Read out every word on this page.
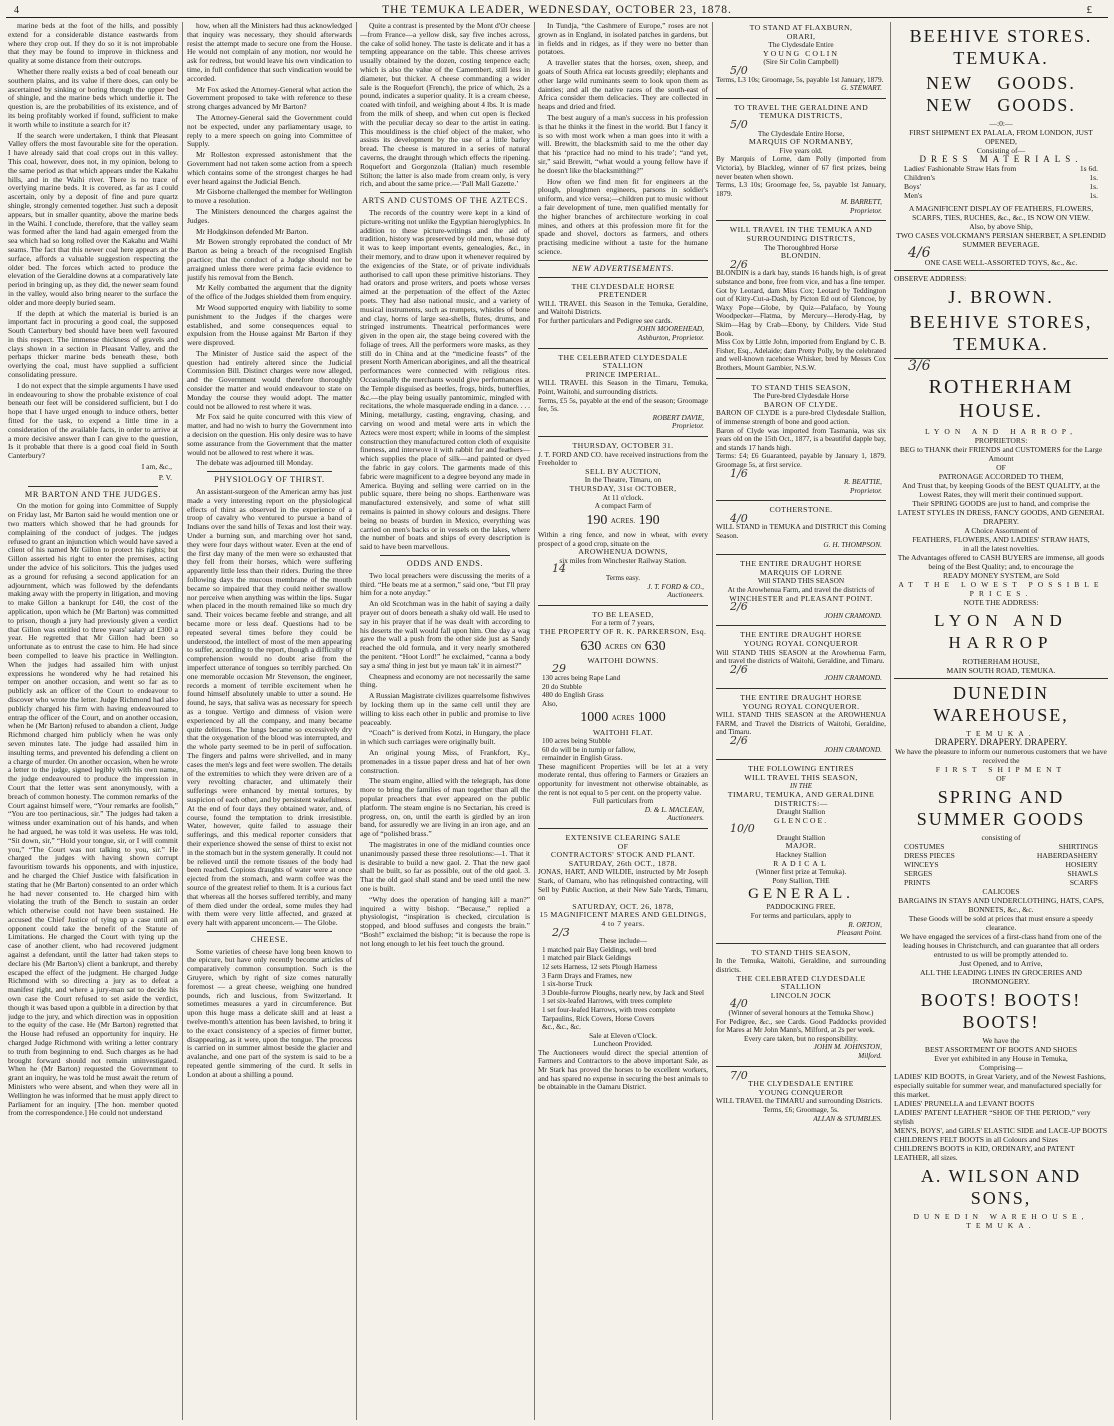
4	THE TEMUKA LEADER, WEDNESDAY, OCTOBER 23, 1878.	£

marine beds at the foot of the hills, and possibly extend for a considerable distance eastwards from where they crop out. If they do so it is not improbable that they may be found to improve in thickness and quality at some distance from their outcrops.

Whether there really exists a bed of coal beneath our southern plains, and its value if there does, can only be ascertained by sinking or boring through the upper bed of shingle, and the marine beds which underlie it. The question is, are the probabilities of its existence, and of its being profitably worked if found, sufficient to make it worth while to institute a search for it?

If the search were undertaken, I think that Pleasant Valley offers the most favourable site for the operation. I have already said that coal crops out in this valley. This coal, however, does not, in my opinion, belong to the same period as that which appears under the Kakahu hills, and in the Waihi river. There is no trace of overlying marine beds. It is covered, as far as I could ascertain, only by a deposit of fine and pure quartz shingle, strongly cemented together. Just such a deposit appears, but in smaller quantity, above the marine beds in the Waihi. I conclude, therefore, that the valley seam was formed after the land had again emerged from the sea which had so long rolled over the Kakahu and Waihi seams. The fact that this newer coal here appears at the surface, affords a valuable suggestion respecting the older bed. The forces which acted to produce the elevation of the Geraldine downs at a comparatively late period in bringing up, as they did, the newer seam found in the valley, would also bring nearer to the surface the older and more deeply buried seam.

If the depth at which the material is buried is an important fact in procuring a good coal, the supposed South Canterbury bed should have been well favoured in this respect. The immense thickness of gravels and clays shown in a section in Pleasant Valley, and the perhaps thicker marine beds beneath these, both overlying the coal, must have supplied a sufficient consolidating pressure.

I do not expect that the simple arguments I have used in endeavouring to show the probable existence of coal beneath our feet will be considered sufficient, but I do hope that I have urged enough to induce others, better fitted for the task, to expend a little time in a consideration of the available facts, in order to arrive at a more decisive answer than I can give to the question, Is it probable that there is a good coal field in South Canterbury?

I am, &c.,

P. V.

MR BARTON AND THE JUDGES.

On the motion for going into Committee of Supply on Friday last, Mr Barton said he would mention one or two matters which showed that he had grounds for complaining of the conduct of judges. The judges refused to grant an injunction which would have saved a client of his named Mr Gillon to protect his rights; but Gillon asserted his right to enter the premises, acting under the advice of his solicitors. This the judges used as a ground for refusing a second application for an adjournment, which was followed by the defendants making away with the property in litigation, and moving to make Gillon a bankrupt for £40, the cost of the application, upon which he (Mr Barton) was committed to prison, though a jury had previously given a verdict that Gillon was entitled to three years' salary at £300 a year. He regretted that Mr Gillon had been so unfortunate as to entrust the case to him. He had since been compelled to leave his practice in Wellington. When the judges had assailed him with unjust expressions he wondered why he had retained his temper on another occasion, and went so far as to publicly ask an officer of the Court to endeavour to discover who wrote the letter. Judge Richmond had also publicly charged his firm with having endeavoured to entrap the officer of the Court, and on another occasion, when he (Mr Barton) refused to abandon a client, Judge Richmond charged him publicly when he was only seven minutes late. The judge had assailed him in insulting terms, and prevented his defending a client on a charge of murder. On another occasion, when he wrote a letter to the judge, signed legibly with his own name, the judge endeavoured to produce the impression in Court that the letter was sent anonymously, with a breach of common honesty. The common remarks of the Court against himself were, “Your remarks are foolish,” “You are too pertinacious, sir.” The judges had taken a witness under examination out of his hands, and when he had argued, he was told it was useless. He was told, “Sit down, sir,” “Hold your tongue, sir, or I will commit you,” “The Court was not talking to you, sir.” He charged the judges with having shown corrupt favouritism towards his opponents, and with injustice, and he charged the Chief Justice with falsification in stating that he (Mr Barton) consented to an order which he had never consented to. He charged him with violating the truth of the Bench to sustain an order which otherwise could not have been sustained. He accused the Chief Justice of tying up a case until an opponent could take the benefit of the Statute of Limitations. He charged the Court with tying up the case of another client, who had recovered judgment against a defendant, until the latter had taken steps to declare his (Mr Barton's) client a bankrupt, and thereby escaped the effect of the judgment. He charged Judge Richmond with so directing a jury as to defeat a manifest right, and where a jury-man sat to decide his own case the Court refused to set aside the verdict, though it was based upon a quibble in a direction by that judge to the jury, and which direction was in opposition to the equity of the case. He (Mr Barton) regretted that the House had refused an opportunity for inquiry. He charged Judge Richmond with writing a letter contrary to truth from beginning to end. Such charges as he had brought forward should not remain uninvestigated. When he (Mr Barton) requested the Government to grant an inquiry, he was told he must await the return of Ministers who were absent, and when they were all in Wellington he was informed that he must apply direct to Parliament for an inquiry. [The hon. member quoted from the correspondence.] He could not understand

how, when all the Ministers had thus acknowledged that inquiry was necessary, they should afterwards resist the attempt made to secure one from the House. He would not complain of any motion, nor would he ask for redress, but would leave his own vindication to time, in full confidence that such vindication would be accorded.

Mr Fox asked the Attorney-General what action the Government proposed to take with reference to these strong charges advanced by Mr Barton?

The Attorney-General said the Government could not be expected, under any parliamentary usage, to reply to a mere speech on going into Committee of Supply.

Mr Rolleston expressed astonishment that the Government had not taken some action from a speech which contains some of the strongest charges he had ever heard against the Judicial Bench.

Mr Gisborne challenged the member for Wellington to move a resolution.

The Ministers denounced the charges against the Judges.

Mr Hodgkinson defended Mr Barton.

Mr Bowen strongly reprobated the conduct of Mr Barton as being a breach of the recognised English practice; that the conduct of a Judge should not be arraigned unless there were prima facie evidence to justify his removal from the Bench.

Mr Kelly combatted the argument that the dignity of the office of the Judges shielded them from enquiry.

Mr Wood supported enquiry with liability to some punishment to the Judges if the charges were established, and some consequences equal to expulsion from the House against Mr Barton if they were disproved.

The Minister of Justice said the aspect of the question had entirely altered since the Judicial Commission Bill. Distinct charges were now alleged, and the Government would therefore thoroughly consider the matter and would endeavour to state on Monday the course they would adopt. The matter could not be allowed to rest where it was.

Mr Fox said he quite concurred with this view of matter, and had no wish to hurry the Government into a decision on the question. His only desire was to have some assurance from the Government that the matter would not be allowed to rest where it was.

The debate was adjourned till Monday.

PHYSIOLOGY OF THIRST.

An assistant-surgeon of the American army has just made a very interesting report on the physiological effects of thirst as observed in the experience of a troop of cavalry who ventured to pursue a band of Indians over the sand hills of Texas and lost their way. Under a burning sun, and marching over hot sand, they were four days without water. Even at the end of the first day many of the men were so exhausted that they fell from their horses, which were suffering apparently little less than their riders. During the three following days the mucous membrane of the mouth became so impaired that they could neither swallow nor perceive when anything was within the lips. Sugar when placed in the mouth remained like so much dry sand. Their voices became feeble and strange, and all became more or less deaf. Questions had to be repeated several times before they could be understood, the intellect of most of the men appearing to suffer, according to the report, though a difficulty of comprehension would no doubt arise from the imperfect utterance of tongues so terribly parched. On one memorable occasion Mr Stevenson, the engineer, records a moment of terrible excitement when he found himself absolutely unable to utter a sound. He found, he says, that saliva was as necessary for speech as a tongue. Vertigo and dimness of vision were experienced by all the company, and many became quite delirious. The lungs became so excessively dry that the oxygenation of the blood was interrupted, and the whole party seemed to be in peril of suffocation. The fingers and palms were shrivelled, and in many cases the men's legs and feet were swollen. The details of the extremities to which they were driven are of a very revolting character, and ultimately their sufferings were enhanced by mental tortures, by suspicion of each other, and by persistent wakefulness. At the end of four days they obtained water, and, of course, found the temptation to drink irresistible. Water, however, quite failed to assuage their sufferings, and this medical reporter considers that their experience showed the sense of thirst to exist not in the stomach but in the system generally. It could not be relieved until the remote tissues of the body had been reached. Copious draughts of water were at once ejected from the stomach, and warm coffee was the source of the greatest relief to them. It is a curious fact that whereas all the horses suffered terribly, and many of them died under the ordeal, some mules they had with them were very little affected, and grazed at every halt with apparent unconcern.— The Globe.

CHEESE.

Some varieties of cheese have long been known to the epicure, but have only recently become articles of comparatively common consumption. Such is the Gruyere, which by right of size comes naturally foremost — a great cheese, weighing one hundred pounds, rich and luscious, from Switzerland. It sometimes measures a yard in circumference. But upon this huge mass a delicate skill and at least a twelve-month's attention has been lavished, to bring it to the exact consistency of a species of firmer butter, disappearing, as it were, upon the tongue. The process is carried on in summer almost beside the glacier and avalanche, and one part of the system is said to be a repeated gentle simmering of the curd. It sells in London at about a shilling a pound.

Quite a contrast is presented by the Mont d'Or cheese—from France—a yellow disk, say five inches across, the cake of solid honey. The taste is delicate and it has a tempting appearance on the table. This cheese arrives usually obtained by the dozen, costing tenpence each; which is also the value of the Camembert, still less in diameter, but thicker. A cheese commanding a wider sale is the Roquefort (French), the price of which, 2s a pound, indicates a superior quality. It is a cream cheese, coated with tinfoil, and weighing about 4 lbs. It is made from the milk of sheep, and when cut open is flecked with the peculiar decay so dear to the artist in eating. This mouldiness is the chief object of the maker, who assists its development by the use of a little barley bread. The cheese is matured in a series of natural caverns, the draught through which effects the ripening. Roquefort and Gorgonzola (Italian) much resemble Stilton; the latter is also made from cream only, is very rich, and about the same price.—‘Pall Mall Gazette.’

ARTS AND CUSTOMS OF THE AZTECS.

The records of the country were kept in a kind of picture-writing not unlike the Egyptian hieroglyphics. In addition to these picture-writings and the aid of tradition, history was preserved by old men, whose duty it was to keep important events, genealogies, &c., in their memory, and to draw upon it whenever required by the exigencies of the State, or of private individuals authorised to call upon these primitive historians. They had orators and prose writers, and poets whose verses aimed at the perpetuation of the effect of the Aztec poets. They had also national music, and a variety of musical instruments, such as trumpets, whistles of bone and clay, horns of large sea-shells, flutes, drums, and stringed instruments. Theatrical performances were given in the open air, the stage being covered with the foliage of trees. All the performers wore masks, as they still do in China and at the “medicine feasts” of the present North American aborigines, and all the theatrical performances were connected with religious rites. Occasionally the merchants would give performances at the Temple disguised as beetles, frogs, birds, butterflies, &c.—the play being usually pantomimic, mingled with recitations, the whole masquerade ending in a dance. . . . Mining, metallurgy, casting, engraving, chasing, and carving on wood and metal were arts in which the Aztecs were most expert; while in looms of the simplest construction they manufactured cotton cloth of exquisite fineness, and interwove it with rabbit fur and feathers—which supplies the place of silk—and painted or dyed the fabric in gay colors. The garments made of this fabric were magnificent to a degree beyond any made in America. Buying and selling were carried on in the public square, there being no shops. Earthenware was manufactured extensively, and some of what still remains is painted in showy colours and designs. There being no beasts of burden in Mexico, everything was carried on men's backs or in vessels on the lakes, where the number of boats and ships of every description is said to have been marvellous.

ODDS AND ENDS.

Two local preachers were discussing the merits of a third. “He beats me at a sermon,” said one, “but I'll pray him for a note anyday.”

An old Scotchman was in the habit of saying a daily prayer out of doors beneath a shaky old wall. He used to say in his prayer that if he was dealt with according to his deserts the wall would fall upon him. One day a wag gave the wall a push from the other side just as Sandy reached the old formula, and it very nearly smothered the penitent. “Hoot Lord!” he exclaimed, “canna a body say a sma' thing in jest but ye maun tak' it in airnest?”

Cheapness and economy are not necessarily the same thing.

A Russian Magistrate civilizes quarrelsome fishwives by locking them up in the same cell until they are willing to kiss each other in public and promise to live peaceably.

“Coach” is derived from Kotzi, in Hungary, the place in which such carriages were originally built.

An original young Miss, of Frankfort, Ky., promenades in a tissue paper dress and hat of her own construction.

The steam engine, allied with the telegraph, has done more to bring the families of man together than all the popular preachers that ever appeared on the public platform. The steam engine is no Sectarian, his creed is progress, on, on, until the earth is girdled by an iron band, for assuredly we are living in an iron age, and an age of “polished brass.”

The magistrates in one of the midland counties once unanimously passed these three resolutions:—1. That it is desirable to build a new gaol. 2. That the new gaol shall be built, so far as possible, out of the old gaol. 3. That the old gaol shall stand and be used until the new one is built.

“Why does the operation of hanging kill a man?” inquired a witty bishop. “Because,” replied a physiologist, “inspiration is checked, circulation is stopped, and blood suffuses and congests the brain.” “Bosh!” exclaimed the bishop; “it is because the rope is not long enough to let his feet touch the ground.

In Tundja, “the Cashmere of Europe,” roses are not grown as in England, in isolated patches in gardens, but in fields and in ridges, as if they were no better than potatoes.

A traveller states that the horses, oxen, sheep, and goats of South Africa eat locusts greedily; elephants and other large wild ruminants seem to look upon them as dainties; and all the native races of the south-east of Africa consider them delicacies. They are collected in heaps and dried and fried.

The best augury of a man's success in his profession is that he thinks it the finest in the world. But I fancy it is so with most work when a man goes into it with a will. Brewitt, the blacksmith said to me the other day that his ‘practice had no mind to his trade’; “and yet, sir,” said Brewitt, “what would a young fellow have if he doesn't like the blacksmithing?”

How often we find men fit for engineers at the plough, ploughmen engineers, parsons in soldier's uniform, and vice versa;—children put to music without a fair development of tune, men qualified mentally for the higher branches of architecture working in coal mines, and others at this profession more fit for the spade and shovel, doctors as farmers, and others practising medicine without a taste for the humane science.

NEW ADVERTISEMENTS.
THE CLYDESDALE HORSE
PRETENDER
WILL TRAVEL this Season in the Temuka, Geraldine, and Waitohi Districts.
For further particulars and Pedigree see cards.
JOHN MOOREHEAD,
Ashburton, Proprietor.
THE CELEBRATED CLYDESDALE
STALLION
PRINCE IMPERIAL.
WILL TRAVEL this Season in the Timaru, Temuka, Point, Waitohi, and surrounding districts.
Terms, £5 5s, payable at the end of the season; Groomage fee, 5s.
ROBERT DAVIE,
Proprietor.
THURSDAY, OCTOBER 31.
J. T. FORD AND CO. have received instructions from the Freeholder to
SELL BY AUCTION,
In the Theatre, Timaru, on
THURSDAY, 31st OCTOBER,
At 11 o'clock.
A compact Farm of
190 ACRES. 190
Within a ring fence, and now in wheat, with every prospect of a good crop, situate on the
AROWHENUA DOWNS,
six miles from Winchester Railway Station.
14
Terms easy.
J. T. FORD & CO.,
Auctioneers.
TO BE LEASED,
For a term of 7 years,
THE PROPERTY OF R. K. PARKERSON, Esq.
630 ACRES ON 630
WAITOHI DOWNS.
29
130 acres being Rape Land
20 do Stubble
480 do English Grass
Also,
1000 ACRES 1000
WAITOHI FLAT.
100 acres being Stubble
60 do will be in turnip or fallow,
remainder in English Grass.
These magnificent Properties will be let at a very moderate rental, thus offering to Farmers or Graziers an opportunity for investment not otherwise obtainable, as the rent is not equal to 5 per cent. on the property value.
Full particulars from
D. & L. MACLEAN,
Auctioneers.
EXTENSIVE CLEARING SALE
OF
CONTRACTORS' STOCK AND PLANT.
SATURDAY, 26th OCT., 1878.
JONAS, HART, AND WILDIE, instructed by Mr Joseph Stark, of Oamaru, who has relinquished contracting, will Sell by Public Auction, at their New Sale Yards, Timaru, on
SATURDAY, OCT. 26, 1878,
15 MAGNIFICENT MARES AND GELDINGS, 4 to 7 years.
2/3
These include—
1 matched pair Bay Geldings, well bred
1 matched pair Black Geldings
12 sets Harness, 12 sets Plough Harness
3 Farm Drays and Frames, new
1 six-horse Truck
3 Double-furrow Ploughs, nearly new, by Jack and Steel
1 set six-leafed Harrows, with trees complete
1 set four-leafed Harrows, with trees complete
Tarpaulins, Rick Covers, Horse Covers
&c., &c., &c.
Sale at Eleven o'Clock.
Luncheon Provided.
The Auctioneers would direct the special attention of Farmers and Contractors to the above important Sale, as Mr Stark has proved the horses to be excellent workers, and has spared no expense in securing the best animals to be obtainable in the Oamaru District.
TO STAND AT FLAXBURN,
ORARI,
The Clydesdale Entire
YOUNG COLIN
(Sire Sir Colin Campbell)
5/0
Terms, L3 10s; Groomage, 5s, payable 1st January, 1879.
G. STEWART.
TO TRAVEL THE GERALDINE AND TEMUKA DISTRICTS,
5/0
The Clydesdale Entire Horse,
MARQUIS OF NORMANBY,
Five years old.
By Marquis of Lorne, dam Polly (imported from Victoria), by Blackleg, winner of 67 first prizes, being never beaten when shown.
Terms, L3 10s; Groomage fee, 5s, payable 1st January, 1879.
M. BARRETT,
Proprietor.
WILL TRAVEL IN THE TEMUKA AND SURROUNDING DISTRICTS,
The Thoroughbred Horse
BLONDIN.
2/6
BLONDIN is a dark bay, stands 16 hands high, is of great substance and bone, free from vice, and has a fine temper.
Got by Leotard, dam Miss Cox; Leotard by Teddington out of Kitty-Cut-a-Dash, by Picton Ed out of Glencoe, by Waxy Pope—Globe, by Quiz—Palafaco, by Young Woodpecker—Flatma, by Mercury—Herody-Hag, by Skim—Hag by Crab—Ebony, by Childers. Vide Stud Book.
Miss Cox by Little John, imported from England by C. B. Fisher, Esq., Adelaide; dam Pretty Polly, by the celebrated and well-known racehorse Whisker, bred by Messrs Cox Brothers, Mount Gambier, N.S.W.
TO STAND THIS SEASON,
The Pure-bred Clydesdale Horse
BARON OF CLYDE.
BARON OF CLYDE is a pure-bred Clydesdale Stallion, of immense strength of bone and good action.
Baron of Clyde was imported from Tasmania, was six years old on the 15th Oct., 1877, is a beautiful dapple bay, and stands 17 hands high.
Terms: £4; £6 Guaranteed, payable by January 1, 1879. Groomage 5s, at first service.
1/6
R. BEATTIE,
Proprietor.
COTHERSTONE.
4/0
WILL STAND in TEMUKA and DISTRICT this Coming Season.
G. H. THOMPSON.
THE ENTIRE DRAUGHT HORSE
MARQUIS OF LORNE
Will STAND THIS SEASON
At the Arowhenua Farm, and travel the districts of
WINCHESTER and PLEASANT POINT.
2/6
JOHN CRAMOND.
THE ENTIRE DRAUGHT HORSE
YOUNG ROYAL CONQUEROR
Will STAND THIS SEASON at the Arowhenua Farm, and travel the districts of Waitohi, Geraldine, and Timaru.
2/6
JOHN CRAMOND.
THE ENTIRE DRAUGHT HORSE
YOUNG ROYAL CONQUEROR.
WILL STAND THIS SEASON at the AROWHENUA FARM, and Travel the Districts of Waitohi, Geraldine, and Timaru.
2/6
JOHN CRAMOND.
THE FOLLOWING ENTIRES
WILL TRAVEL THIS SEASON,
IN THE
TIMARU, TEMUKA, AND GERALDINE DISTRICTS:—
Draught Stallion
GLENCOE.
10/0
Draught Stallion
MAJOR.
Hackney Stallion
RADICAL
(Winner first prize at Temuka).
Pony Stallion, THE
GENERAL.
PADDOCKING FREE.
For terms and particulars, apply to
R. ORTON,
Pleasant Point.
TO STAND THIS SEASON,
In the Temuka, Waitohi, Geraldine, and surrounding districts.
THE CELEBRATED CLYDESDALE STALLION
LINCOLN JOCK
4/0
(Winner of several honours at the Temuka Show.)
For Pedigree, &c., see Cards. Good Paddocks provided for Mares at Mr John Mann's, Milford, at 2s per week.
Every care taken, but no responsibility.
JOHN M. JOHNSTON,
Milford.
7/0
THE CLYDESDALE ENTIRE
YOUNG CONQUEROR
WILL TRAVEL the TIMARU and surrounding Districts.
Terms, £6; Groomage, 5s.
ALLAN & STUMBLES.
BEEHIVE STORES. TEMUKA.
NEW GOODS. NEW GOODS.
—:0:—
FIRST SHIPMENT EX PALALA, FROM LONDON, JUST OPENED,
Consisting of—
DRESS MATERIALS.
Ladies' Fashionable Straw Hats from	1s 6d.
Children's	1s.
Boys'	1s.
Men's	1s.
A MAGNIFICENT DISPLAY OF FEATHERS, FLOWERS, SCARFS, TIES, RUCHES, &c., &c., IS NOW ON VIEW.
Also, by above Ship,
TWO CASES VOLCKMAN'S PERSIAN SHERBET, A SPLENDID SUMMER BEVERAGE.
4/6
ONE CASE WELL-ASSORTED TOYS, &c., &c.
OBSERVE ADDRESS:
J. BROWN.
BEEHIVE STORES, TEMUKA.
3/6
ROTHERHAM HOUSE.
LYON AND HARROP,
PROPRIETORS:
BEG to THANK their FRIENDS and CUSTOMERS for the Large Amount
OF
PATRONAGE ACCORDED TO THEM,
And Trust that, by keeping Goods of the BEST QUALITY, at the Lowest Rates, they will merit their continued support.
Their SPRING GOODS are just to hand, and comprise the
LATEST STYLES IN DRESS, FANCY GOODS, AND GENERAL DRAPERY.
A Choice Assortment of
FEATHERS, FLOWERS, AND LADIES' STRAW HATS,
in all the latest novelties.
The Advantages offered to CASH BUYERS are immense, all goods being of the Best Quality; and, to encourage the
READY MONEY SYSTEM, are Sold
AT THE LOWEST POSSIBLE PRICES.
NOTE THE ADDRESS:
LYON AND HARROP
ROTHERHAM HOUSE,
MAIN SOUTH ROAD, TEMUKA.
DUNEDIN WAREHOUSE,
TEMUKA.
DRAPERY. DRAPERY. DRAPERY.
We have the pleasure to inform our numerous customers that we have received the
FIRST SHIPMENT
OF
SPRING AND SUMMER GOODS
consisting of
COSTUMES	SHIRTINGS
DRESS PIECES	HABERDASHERY
WINCEYS	HOSIERY
SERGES	SHAWLS
PRINTS	SCARFS
CALICOES
BARGAINS IN STAYS AND UNDERCLOTHING, HATS, CAPS, BONNETS, &c., &c.
These Goods will be sold at prices that must ensure a speedy clearance.
We have engaged the services of a first-class hand from one of the leading houses in Christchurch, and can guarantee that all orders entrusted to us will be promptly attended to.
Just Opened, and to Arrive,
ALL THE LEADING LINES IN GROCERIES AND IRONMONGERY.
BOOTS! BOOTS! BOOTS!
We have the
BEST ASSORTMENT OF BOOTS AND SHOES
Ever yet exhibited in any House in Temuka,
Comprising—
LADIES' KID BOOTS, in Great Variety, and of the Newest Fashions, especially suitable for summer wear, and manufactured specially for this market.
LADIES' PRUNELLA and LEVANT BOOTS
LADIES' PATENT LEATHER “SHOE OF THE PERIOD,” very stylish
MEN'S, BOYS', and GIRLS' ELASTIC SIDE and LACE-UP BOOTS
CHILDREN'S FELT BOOTS in all Colours and Sizes
CHILDREN'S BOOTS in KID, ORDINARY, and PATENT LEATHER, all sizes.
A. WILSON AND SONS,
DUNEDIN WAREHOUSE, TEMUKA.
